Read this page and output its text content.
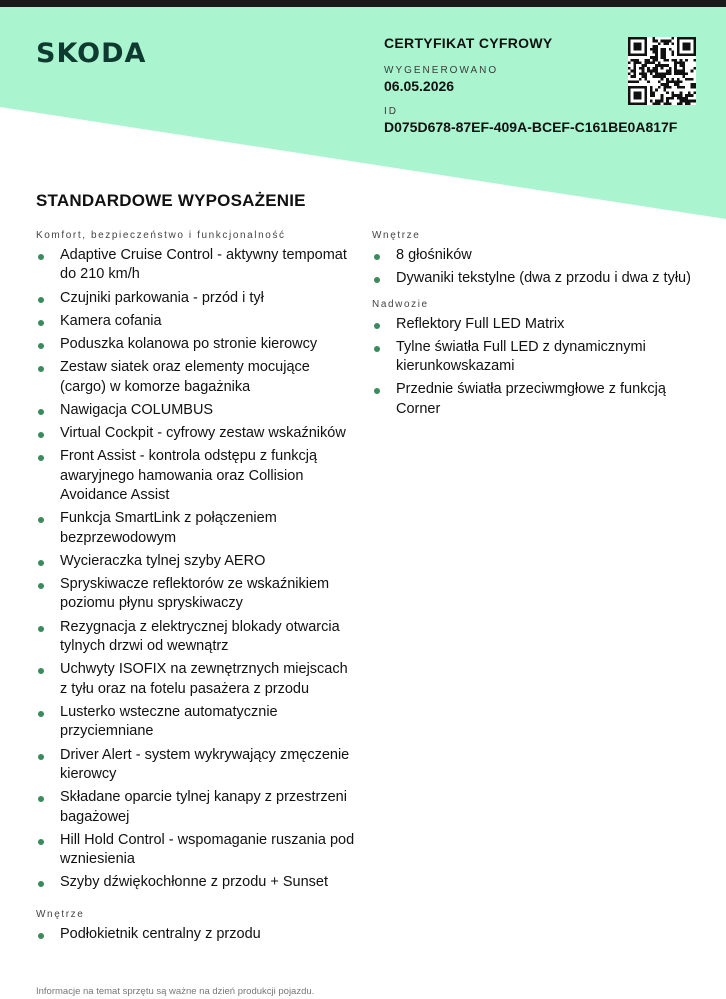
SKODA	CERTYFIKAT CYFROWY
WYGENEROWANO
06.05.2026
ID
D075D678-87EF-409A-BCEF-C161BE0A817F
STANDARDOWE WYPOSAŻENIE
Komfort, bezpieczeństwo i funkcjonalność
Adaptive Cruise Control - aktywny tempomat do 210 km/h
Czujniki parkowania - przód i tył
Kamera cofania
Poduszka kolanowa po stronie kierowcy
Zestaw siatek oraz elementy mocujące (cargo) w komorze bagażnika
Nawigacja COLUMBUS
Virtual Cockpit - cyfrowy zestaw wskaźników
Front Assist - kontrola odstępu z funkcją awaryjnego hamowania oraz Collision Avoidance Assist
Funkcja SmartLink z połączeniem bezprzewodowym
Wycieraczka tylnej szyby AERO
Spryskiwacze reflektorów ze wskaźnikiem poziomu płynu spryskiwaczy
Rezygnacja z elektrycznej blokady otwarcia tylnych drzwi od wewnątrz
Uchwyty ISOFIX na zewnętrznych miejscach z tyłu oraz na fotelu pasażera z przodu
Lusterko wsteczne automatycznie przyciemniane
Driver Alert - system wykrywający zmęczenie kierowcy
Składane oparcie tylnej kanapy z przestrzeni bagażowej
Hill Hold Control - wspomaganie ruszania pod wzniesienia
Szyby dźwiękochłonne z przodu + Sunset
Wnętrze
Podłokietnik centralny z przodu
Wnętrze
8 głośników
Dywaniki tekstylne (dwa z przodu i dwa z tyłu)
Nadwozie
Reflektory Full LED Matrix
Tylne światła Full LED z dynamicznymi kierunkowskazami
Przednie światła przeciwmgłowe z funkcją Corner
Informacje na temat sprzętu są ważne na dzień produkcji pojazdu.
